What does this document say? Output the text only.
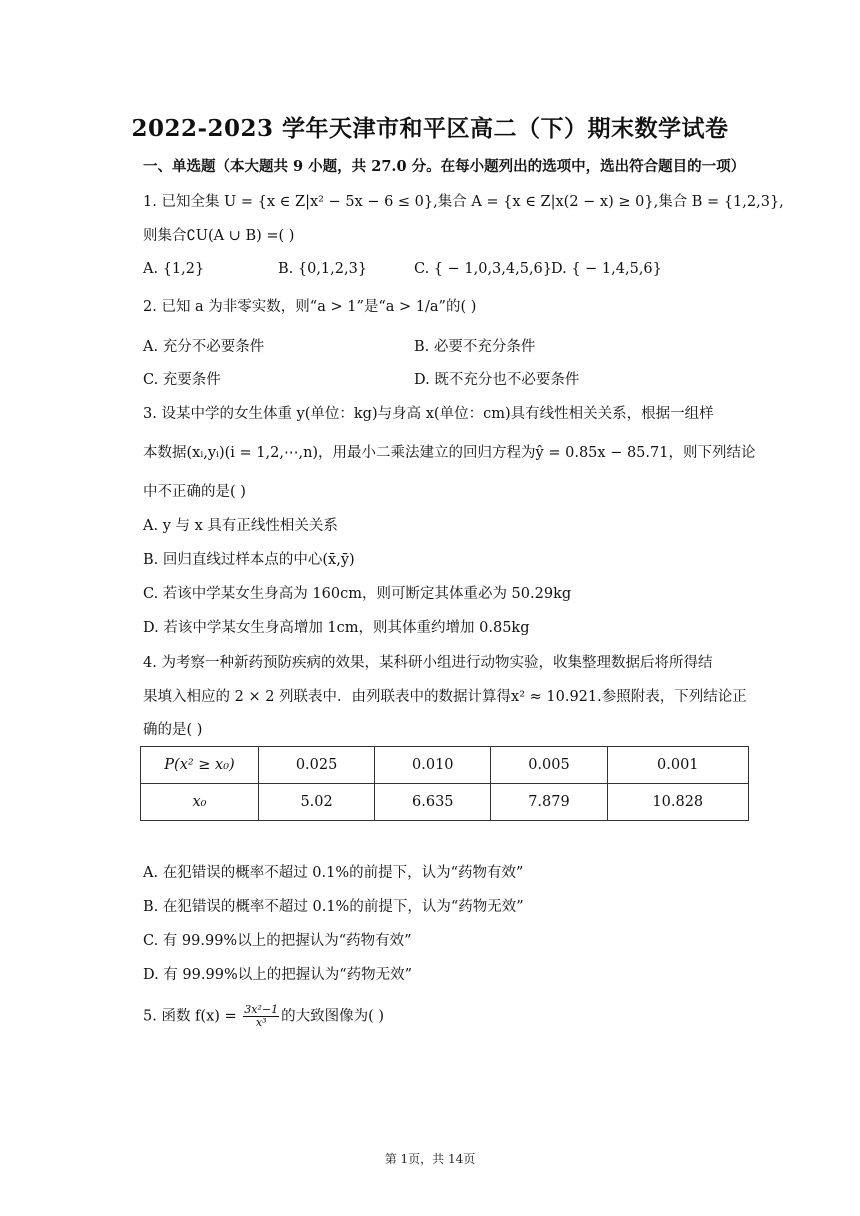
2022-2023 学年天津市和平区高二（下）期末数学试卷
一、单选题（本大题共 9 小题，共 27.0 分。在每小题列出的选项中，选出符合题目的一项）
1. 已知全集 U = {x ∈ Z|x² − 5x − 6 ≤ 0},集合 A = {x ∈ Z|x(2 − x) ≥ 0},集合 B = {1,2,3},
则集合∁U(A ∪ B) =( )
A. {1,2}	B. {0,1,2,3}	C. { − 1,0,3,4,5,6}
D. { − 1,4,5,6}
2. 已知 a 为非零实数，则“a > 1”是“a > 1/a”的( )
A. 充分不必要条件	B. 必要不充分条件
C. 充要条件	D. 既不充分也不必要条件
3. 设某中学的女生体重 y(单位：kg)与身高 x(单位：cm)具有线性相关关系，根据一组样
本数据(xᵢ,yᵢ)(i = 1,2,⋯,n)，用最小二乘法建立的回归方程为ŷ = 0.85x − 85.71，则下列结论
中不正确的是( )
A. y 与 x 具有正线性相关关系
B. 回归直线过样本点的中心(x̄,ȳ)
C. 若该中学某女生身高为 160cm，则可断定其体重必为 50.29kg
D. 若该中学某女生身高增加 1cm，则其体重约增加 0.85kg
4. 为考察一种新药预防疾病的效果，某科研小组进行动物实验，收集整理数据后将所得结
果填入相应的 2 × 2 列联表中．由列联表中的数据计算得x² ≈ 10.921.参照附表，下列结论正
确的是( )
P(x² ≥ x₀)	0.025	0.010	0.005	0.001
x₀	5.02	6.635	7.879	10.828
A. 在犯错误的概率不超过 0.1%的前提下，认为“药物有效”
B. 在犯错误的概率不超过 0.1%的前提下，认为“药物无效”
C. 有 99.99%以上的把握认为“药物有效”
D. 有 99.99%以上的把握认为“药物无效”
5. 函数 $f(x) = \frac{\text{3x²−1}}{\text{x³}}$ 的大致图像为( )
第 1页，共 14页
